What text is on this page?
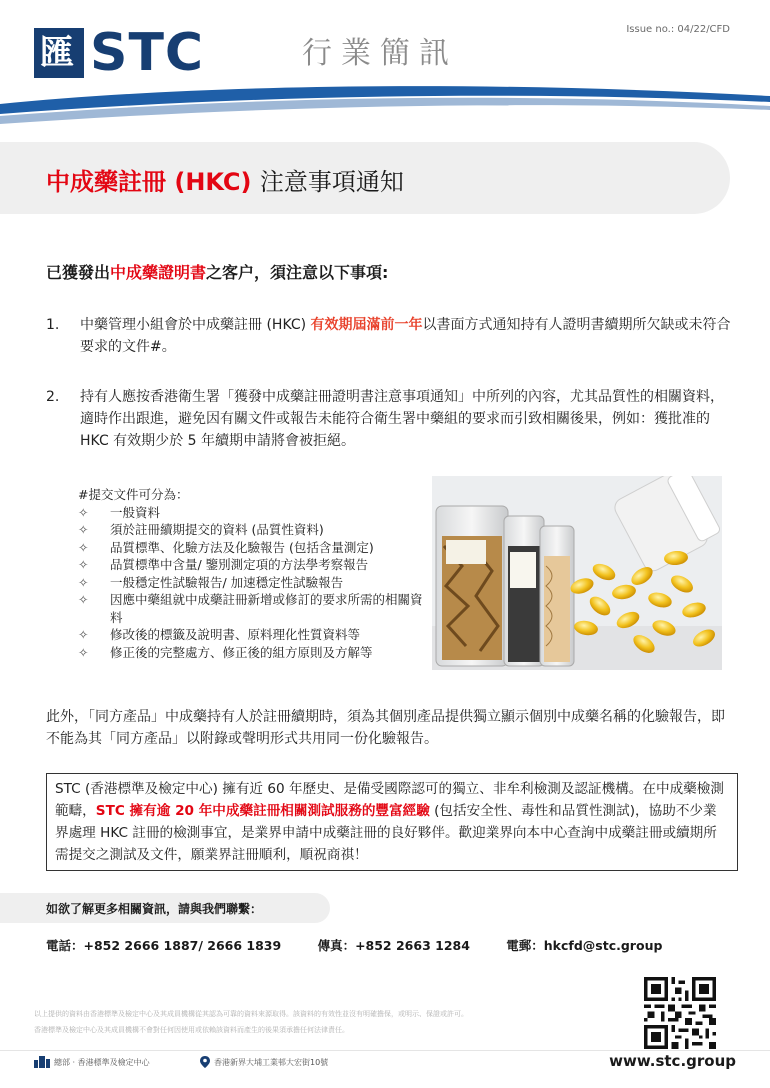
匯 STC	行業簡訊
Issue no.: 04/22/CFD
中成藥註冊 (HKC) 注意事項通知
已獲發出中成藥證明書之客户，須注意以下事項:
1. 中藥管理小組會於中成藥註冊 (HKC) 有效期屆滿前一年以書面方式通知持有人證明書續期所欠缺或未符合要求的文件#。
2. 持有人應按香港衛生署「獲發中成藥註冊證明書注意事項通知」中所列的內容，尤其品質性的相關資料，適時作出跟進，避免因有關文件或報告未能符合衛生署中藥組的要求而引致相關後果，例如：獲批准的 HKC 有效期少於 5 年續期申請將會被拒絕。
#提交文件可分為：
✧	一般資料
✧	須於註冊續期提交的資料 (品質性資料)
✧	品質標準、化驗方法及化驗報告 (包括含量測定)
✧	品質標準中含量/ 鑒別測定項的方法學考察報告
✧	一般穩定性試驗報告/ 加速穩定性試驗報告
✧	因應中藥組就中成藥註冊新增或修訂的要求所需的相關資料
✧	修改後的標籤及說明書、原料理化性質資料等
✧	修正後的完整處方、修正後的組方原則及方解等
此外，「同方產品」中成藥持有人於註冊續期時，須為其個別產品提供獨立顯示個別中成藥名稱的化驗報告，即不能為其「同方產品」以附錄或聲明形式共用同一份化驗報告。
STC (香港標準及檢定中心) 擁有近 60 年歷史、是備受國際認可的獨立、非牟利檢測及認証機構。在中成藥檢測範疇，STC 擁有逾 20 年中成藥註冊相關測試服務的豐富經驗 (包括安全性、毒性和品質性測試)，協助不少業界處理 HKC 註冊的檢測事宜，是業界申請中成藥註冊的良好夥伴。歡迎業界向本中心查詢中成藥註冊或續期所需提交之測試及文件，願業界註冊順利，順祝商祺！
如欲了解更多相關資訊，請與我們聯繫：
電話：+852 2666 1887/ 2666 1839	傳真：+852 2663 1284	電郵：hkcfd@stc.group
以上提供的資料由香港標準及檢定中心及其成員機構從其認為可靠的資料來源取得。該資料的有效性並沒有明確擔保，或明示、保證或許可。
香港標準及檢定中心及其成員機構不會對任何因使用或依賴該資料而產生的後果須承擔任何法律責任。
總部 · 香港標準及檢定中心	香港新界大埔工業邨大宏街10號	www.stc.group
